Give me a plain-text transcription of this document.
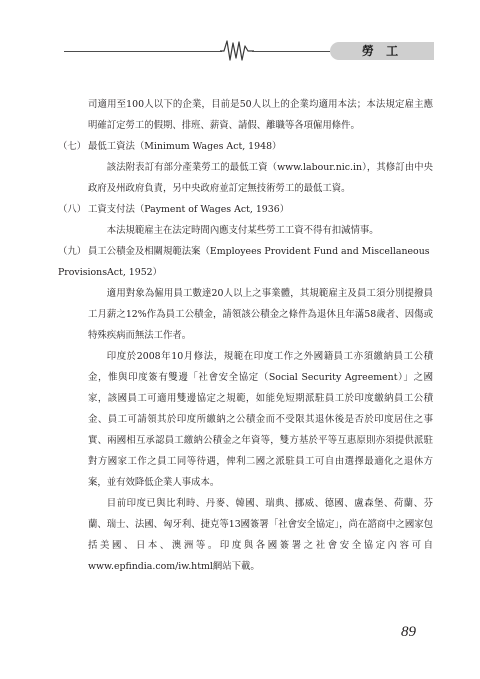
勞 工

司適用至100人以下的企業，目前是50人以上的企業均適用本法；本法規定雇主應明確訂定勞工的假期、排班、薪資、請假、離職等各項僱用條件。

（七） 最低工資法（Minimum Wages Act, 1948）

該法附表訂有部分產業勞工的最低工資（www.labour.nic.in），其修訂由中央政府及州政府負責，另中央政府並訂定無技術勞工的最低工資。

（八） 工資支付法（Payment of Wages Act, 1936）

本法規範雇主在法定時間內應支付某些勞工工資不得有扣減情事。

（九） 員工公積金及相關規範法案（Employees Provident Fund and Miscellaneous ProvisionsAct, 1952）

適用對象為僱用員工數達20人以上之事業體，其規範雇主及員工須分別提撥員工月薪之12%作為員工公積金，請領該公積金之條件為退休且年滿58歲者、因傷或特殊疾病而無法工作者。

印度於2008年10月修法，規範在印度工作之外國籍員工亦須繳納員工公積金，惟與印度簽有雙邊「社會安全協定（Social Security Agreement）」之國家，該國員工可適用雙邊協定之規範，如能免短期派駐員工於印度繳納員工公積金、員工可請領其於印度所繳納之公積金而不受限其退休後是否於印度居住之事實、兩國相互承認員工繳納公積金之年資等，雙方基於平等互惠原則亦須提供派駐對方國家工作之員工同等待遇，俾利二國之派駐員工可自由選擇最適化之退休方案，並有效降低企業人事成本。

目前印度已與比利時、丹麥、韓國、瑞典、挪威、德國、盧森堡、荷蘭、芬蘭、瑞士、法國、匈牙利、捷克等13國簽署「社會安全協定」，尚在諮商中之國家包括美國、日本、澳洲等。印度與各國簽署之社會安全協定內容可自www.epfindia.com/iw.html網站下載。

89
